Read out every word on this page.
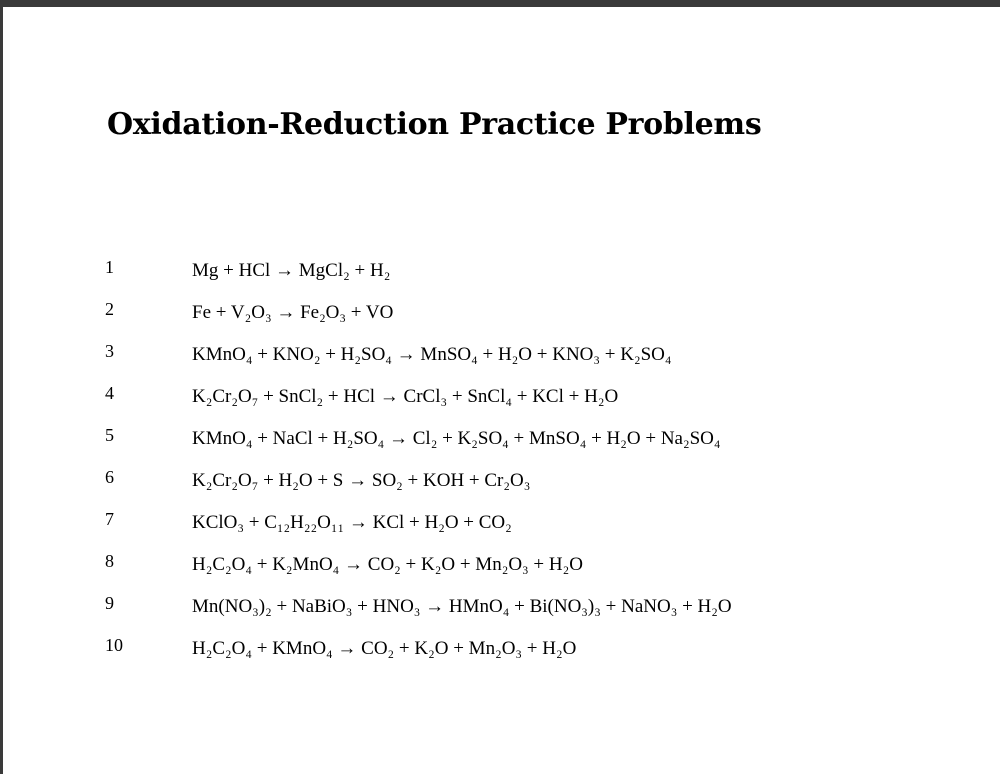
Oxidation-Reduction Practice Problems
1	Mg + HCl → MgCl₂ + H₂
2	Fe + V₂O₃ → Fe₂O₃ + VO
3	KMnO₄ + KNO₂ + H₂SO₄ → MnSO₄ + H₂O + KNO₃ + K₂SO₄
4	K₂Cr₂O₇ + SnCl₂ + HCl → CrCl₃ + SnCl₄ + KCl + H₂O
5	KMnO₄ + NaCl + H₂SO₄ → Cl₂ + K₂SO₄ + MnSO₄ + H₂O + Na₂SO₄
6	K₂Cr₂O₇ + H₂O + S → SO₂ + KOH + Cr₂O₃
7	KClO₃ + C₁₂H₂₂O₁₁ → KCl + H₂O + CO₂
8	H₂C₂O₄ + K₂MnO₄ → CO₂ + K₂O + Mn₂O₃ + H₂O
9	Mn(NO₃)₂ + NaBiO₃ + HNO₃ → HMnO₄ + Bi(NO₃)₃ + NaNO₃ + H₂O
10	H₂C₂O₄ + KMnO₄ → CO₂ + K₂O + Mn₂O₃ + H₂O
